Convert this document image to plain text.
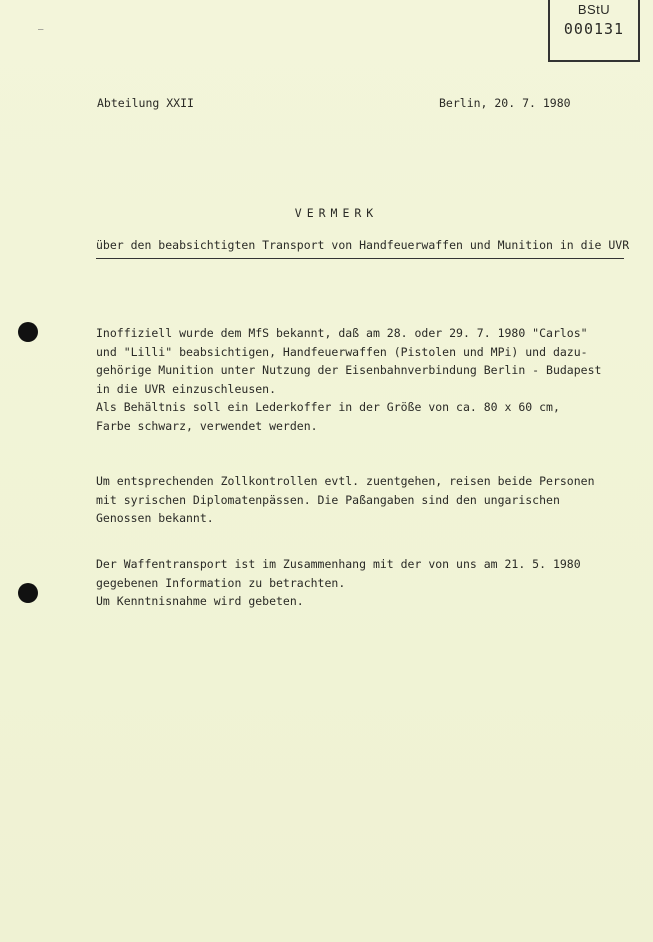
—
BStU
000131
Abteilung XXII	Berlin, 20. 7. 1980
VERMERK
über den beabsichtigten Transport von Handfeuerwaffen und Munition in die UVR
Inoffiziell wurde dem MfS bekannt, daß am 28. oder 29. 7. 1980 "Carlos"
und "Lilli" beabsichtigen, Handfeuerwaffen (Pistolen und MPi) und dazu-
gehörige Munition unter Nutzung der Eisenbahnverbindung Berlin - Budapest
in die UVR einzuschleusen.
Als Behältnis soll ein Lederkoffer in der Größe von ca. 80 x 60 cm,
Farbe schwarz, verwendet werden.
Um entsprechenden Zollkontrollen evtl. zuentgehen, reisen beide Personen
mit syrischen Diplomatenpässen. Die Paßangaben sind den ungarischen
Genossen bekannt.
Der Waffentransport ist im Zusammenhang mit der von uns am 21. 5. 1980
gegebenen Information zu betrachten.
Um Kenntnisnahme wird gebeten.
